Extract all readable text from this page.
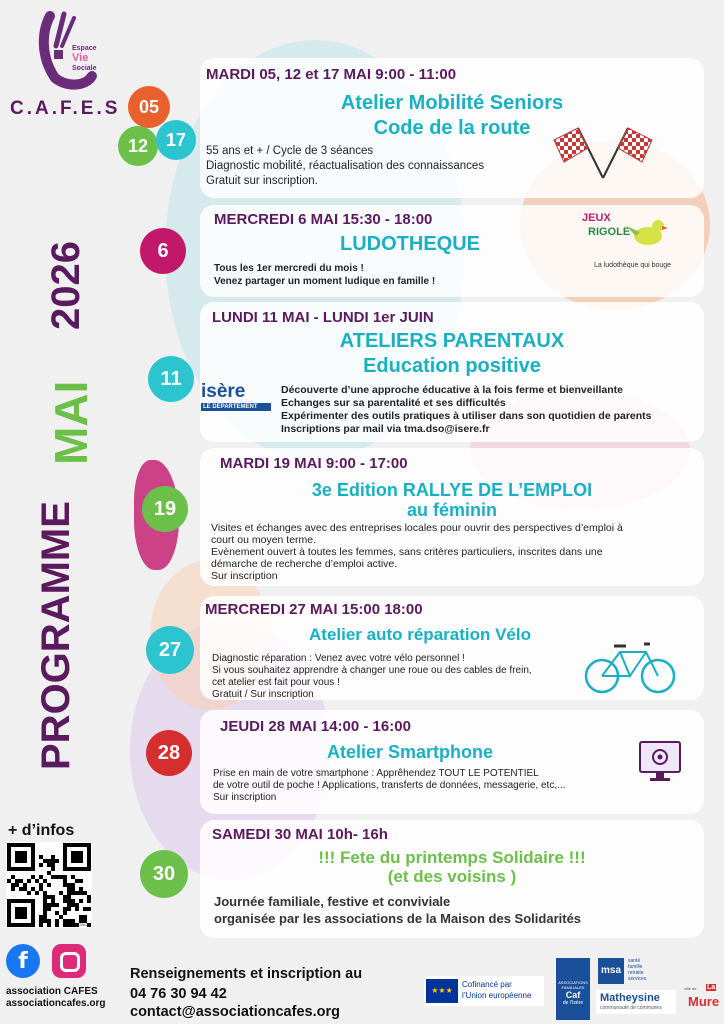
Espace
Vie
Sociale
C.A.F.E.S
PROGRAMME
MAI
2026
MARDI 05, 12 et 17 MAI 9:00 - 11:00
Atelier Mobilité Seniors
Code de la route
55 ans et + / Cycle de 3 séances
Diagnostic mobilité, réactualisation des connaissances
Gratuit sur inscription.
05
12 17
MERCREDI 6 MAI 15:30 - 18:00
LUDOTHEQUE
Tous les 1er mercredi du mois !
Venez partager un moment ludique en famille !
JEUX
RIGOLE
La ludothèque qui bouge
6
LUNDI 11 MAI - LUNDI 1er JUIN
ATELIERS PARENTAUX
Education positive
isère
LE DÉPARTEMENT
Découverte d’une approche éducative à la fois ferme et bienveillante
Echanges sur sa parentalité et ses difficultés
Expérimenter des outils pratiques à utiliser dans son quotidien de parents
Inscriptions par mail via tma.dso@isere.fr
11
MARDI 19 MAI 9:00 - 17:00
3e Edition RALLYE DE L’EMPLOI
au féminin
Visites et échanges avec des entreprises locales pour ouvrir des perspectives d’emploi à
court ou moyen terme.
Evènement ouvert à toutes les femmes, sans critères particuliers, inscrites dans une
démarche de recherche d’emploi active.
Sur inscription
19
MERCREDI 27 MAI 15:00 18:00
Atelier auto réparation Vélo
Diagnostic réparation : Venez avec votre vélo personnel !
Si vous souhaitez apprendre à changer une roue ou des cables de frein,
cet atelier est fait pour vous !
Gratuit / Sur inscription
27
JEUDI 28 MAI 14:00 - 16:00
Atelier Smartphone
Prise en main de votre smartphone : Apprêhendez TOUT LE POTENTIEL
de votre outil de poche ! Applications, transferts de données, messagerie, etc,...
Sur inscription
28
SAMEDI 30 MAI 10h- 16h
!!! Fete du printemps Solidaire !!!
(et des voisins )
Journée familiale, festive et conviviale
organisée par les associations de la Maison des Solidarités
30
+ d’infos
TONCS
f
association CAFES
associationcafes.org
Renseignements et inscription au
04 76 30 94 42
contact@associationcafes.org
★★★
Cofinancé par
l’Union européenne
ASSOCIATIONS
FAMILIALES
Caf
de l’Isère
msa
santé
famille
retraite
services
Matheysine
communauté de communes
ville de La
Mure
